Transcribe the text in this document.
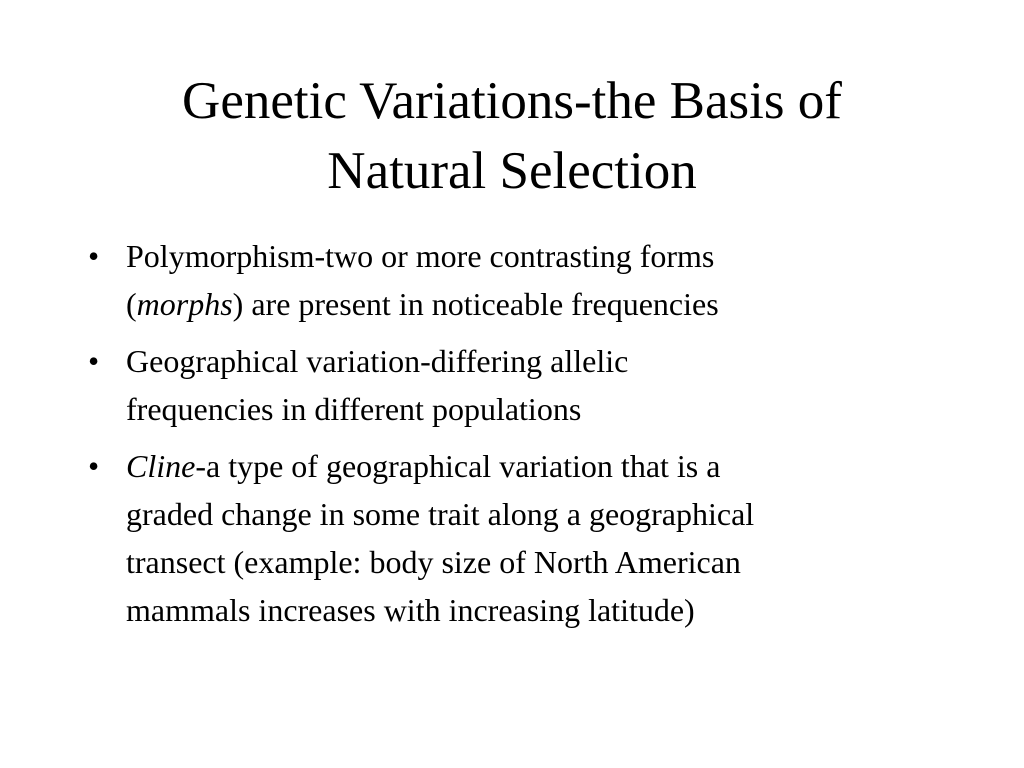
Genetic Variations-the Basis of
Natural Selection
• Polymorphism-two or more contrasting forms
(morphs) are present in noticeable frequencies
• Geographical variation-differing allelic
frequencies in different populations
• Cline-a type of geographical variation that is a
graded change in some trait along a geographical
transect (example: body size of North American
mammals increases with increasing latitude)
